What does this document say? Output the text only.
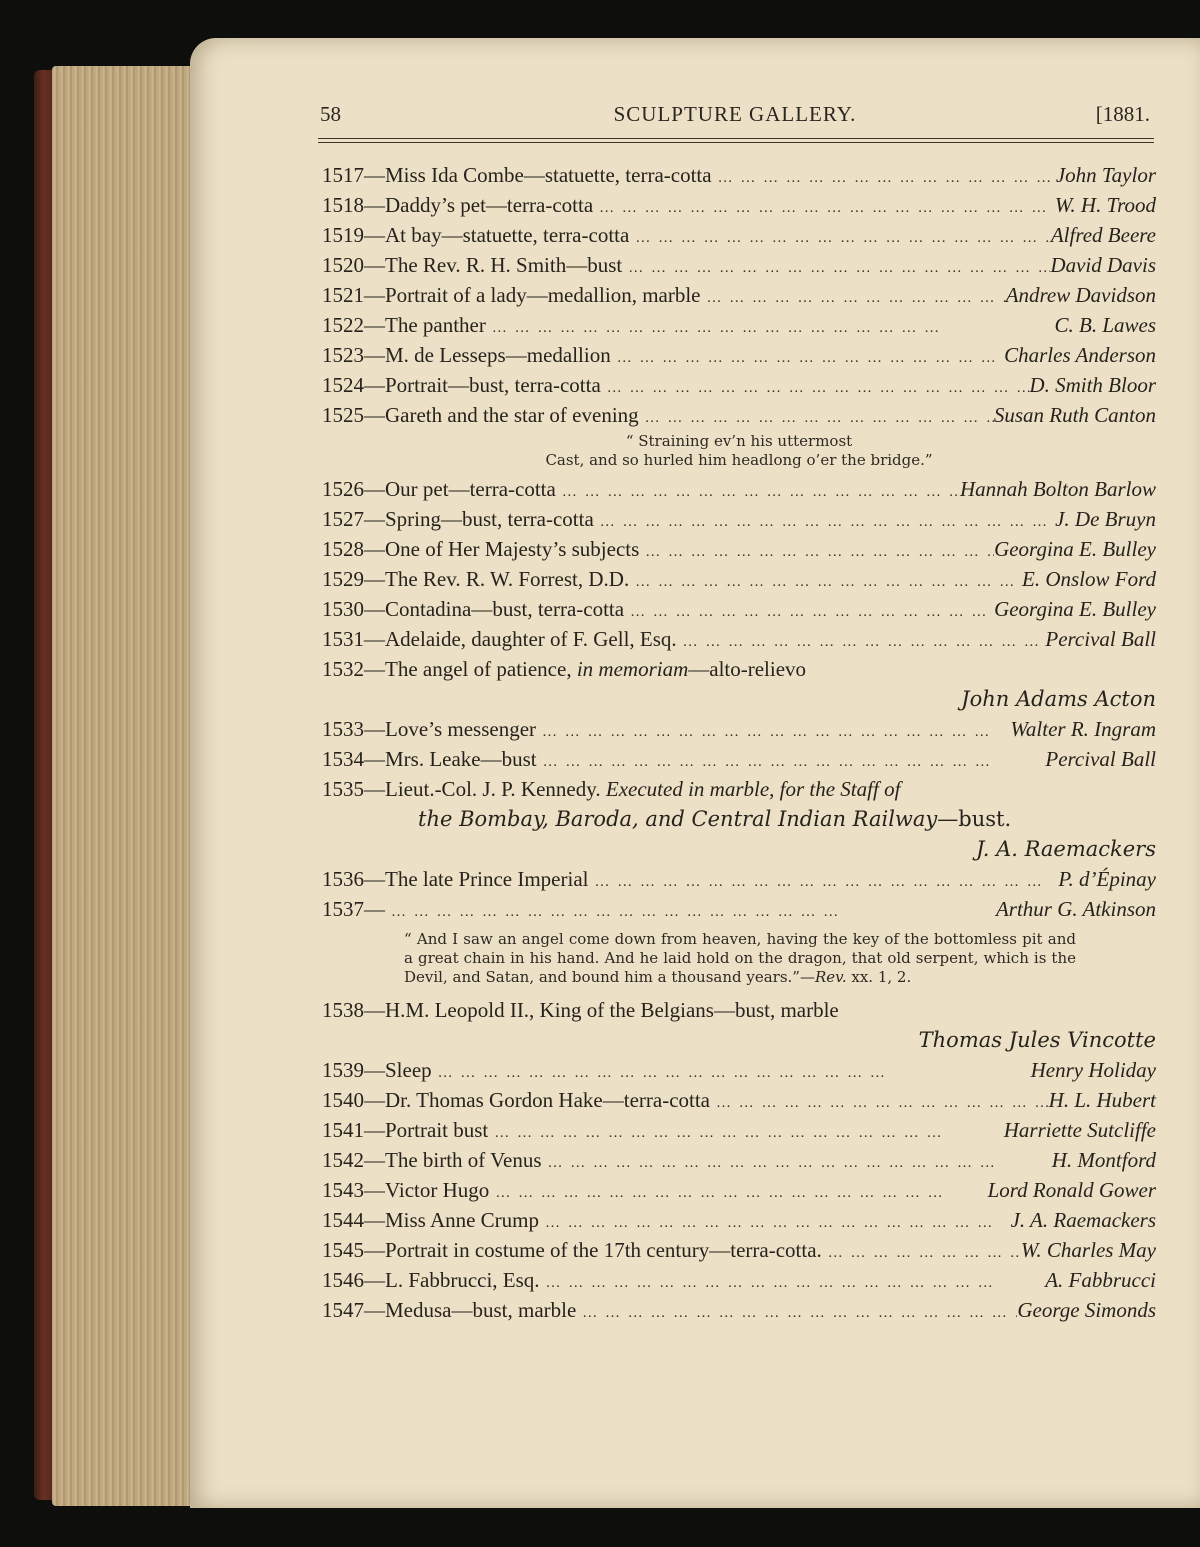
58	SCULPTURE GALLERY.	[1881.
1517—Miss Ida Combe—statuette, terra-cotta … … … … … … … … … … … … … … … … … … … …	John Taylor
1518—Daddy’s pet—terra-cotta … … … … … … … … … … … … … … … … … … … …	W. H. Trood
1519—At bay—statuette, terra-cotta … … … … … … … … … … … … … … … … … … … …	Alfred Beere
1520—The Rev. R. H. Smith—bust … … … … … … … … … … … … … … … … … … … …	David Davis
1521—Portrait of a lady—medallion, marble … … … … … … … … … … … … … … … … … … … …	Andrew Davidson
1522—The panther … … … … … … … … … … … … … … … … … … … …	C. B. Lawes
1523—M. de Lesseps—medallion … … … … … … … … … … … … … … … … … … … …	Charles Anderson
1524—Portrait—bust, terra-cotta … … … … … … … … … … … … … … … … … … … …	D. Smith Bloor
1525—Gareth and the star of evening … … … … … … … … … … … … … … … … … … … …	Susan Ruth Canton
“ Straining ev’n his uttermost
Cast, and so hurled him headlong o’er the bridge.”
1526—Our pet—terra-cotta … … … … … … … … … … … … … … … … … … … …	Hannah Bolton Barlow
1527—Spring—bust, terra-cotta … … … … … … … … … … … … … … … … … … … …	J. De Bruyn
1528—One of Her Majesty’s subjects … … … … … … … … … … … … … … … … … … … …	Georgina E. Bulley
1529—The Rev. R. W. Forrest, D.D. … … … … … … … … … … … … … … … … … … … …	E. Onslow Ford
1530—Contadina—bust, terra-cotta … … … … … … … … … … … … … … … … … … … …	Georgina E. Bulley
1531—Adelaide, daughter of F. Gell, Esq. … … … … … … … … … … … … … … … … … … … …	Percival Ball
1532—The angel of patience, in memoriam—alto-relievo
John Adams Acton
1533—Love’s messenger … … … … … … … … … … … … … … … … … … … …	Walter R. Ingram
1534—Mrs. Leake—bust … … … … … … … … … … … … … … … … … … … …	Percival Ball
1535—Lieut.-Col. J. P. Kennedy. Executed in marble, for the Staff of
the Bombay, Baroda, and Central Indian Railway—bust.
J. A. Raemackers
1536—The late Prince Imperial … … … … … … … … … … … … … … … … … … … …	P. d’Épinay
1537— … … … … … … … … … … … … … … … … … … … …	Arthur G. Atkinson
“ And I saw an angel come down from heaven, having the key of the bottomless pit and a great chain in his hand. And he laid hold on the dragon, that old serpent, which is the Devil, and Satan, and bound him a thousand years.”—Rev. xx. 1, 2.
1538—H.M. Leopold II., King of the Belgians—bust, marble
Thomas Jules Vincotte
1539—Sleep … … … … … … … … … … … … … … … … … … … …	Henry Holiday
1540—Dr. Thomas Gordon Hake—terra-cotta … … … … … … … … … … … … … … … … … … … …	H. L. Hubert
1541—Portrait bust … … … … … … … … … … … … … … … … … … … …	Harriette Sutcliffe
1542—The birth of Venus … … … … … … … … … … … … … … … … … … … …	H. Montford
1543—Victor Hugo … … … … … … … … … … … … … … … … … … … …	Lord Ronald Gower
1544—Miss Anne Crump … … … … … … … … … … … … … … … … … … … …	J. A. Raemackers
1545—Portrait in costume of the 17th century—terra-cotta. … … … … … … … … … … … … … … … … … … … …	W. Charles May
1546—L. Fabbrucci, Esq. … … … … … … … … … … … … … … … … … … … …	A. Fabbrucci
1547—Medusa—bust, marble … … … … … … … … … … … … … … … … … … … …	George Simonds
